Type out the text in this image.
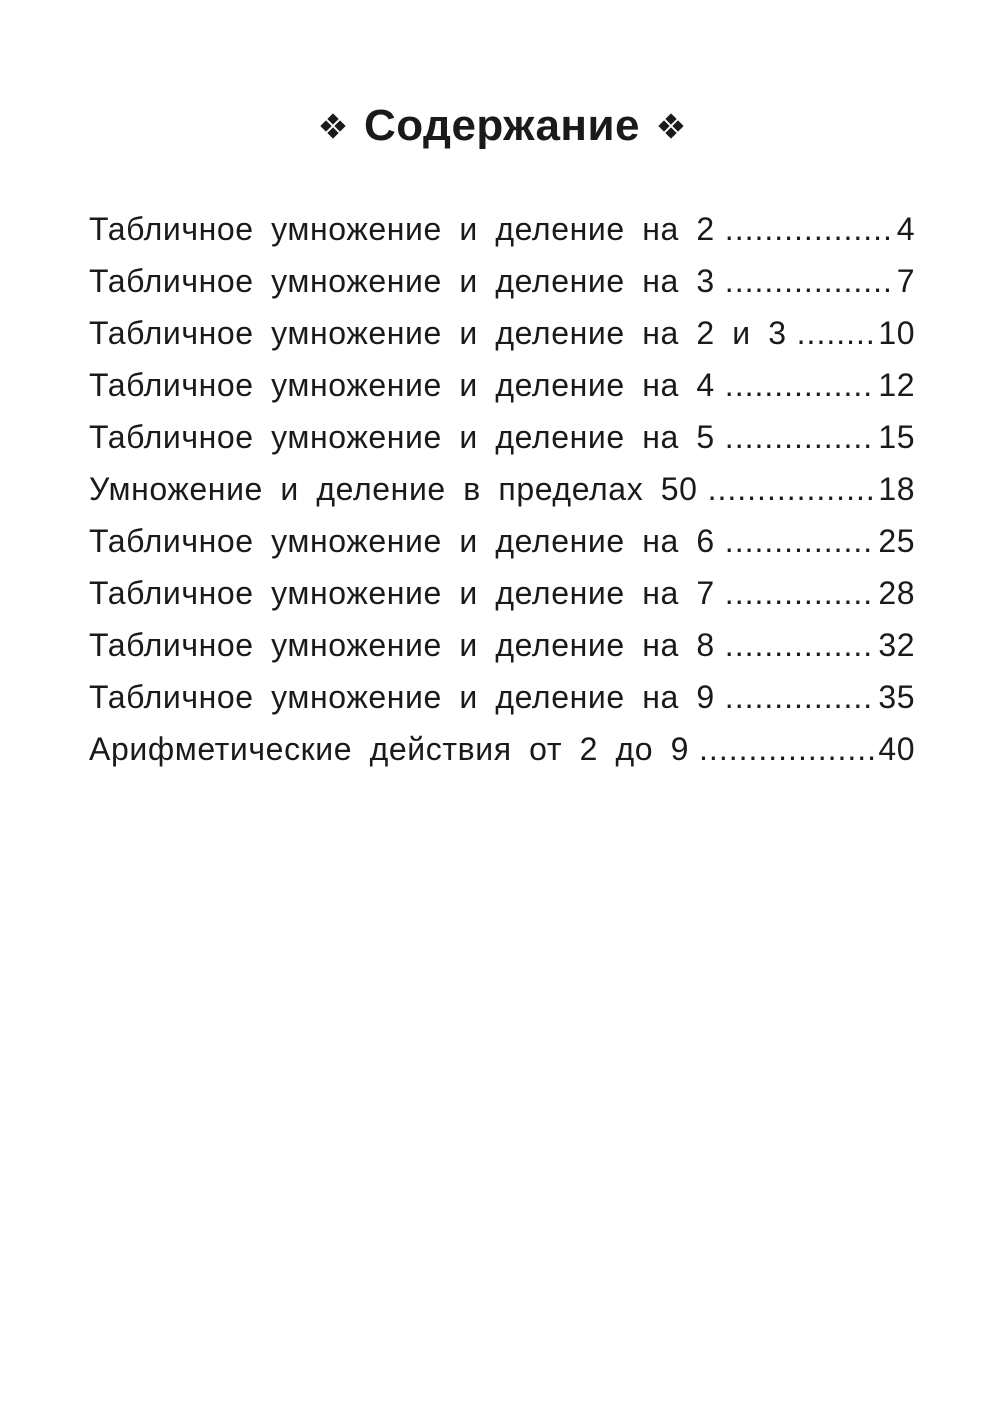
Содержание
Табличное умножение и деление на 2 .....	4
Табличное умножение и деление на 3 .....	7
Табличное умножение и деление на 2 и 3 .....	10
Табличное умножение и деление на 4 .....	12
Табличное умножение и деление на 5 .....	15
Умножение и деление в пределах 50 .....	18
Табличное умножение и деление на 6 .....	25
Табличное умножение и деление на 7 .....	28
Табличное умножение и деление на 8 .....	32
Табличное умножение и деление на 9 .....	35
Арифметические действия от 2 до 9 .....	40
